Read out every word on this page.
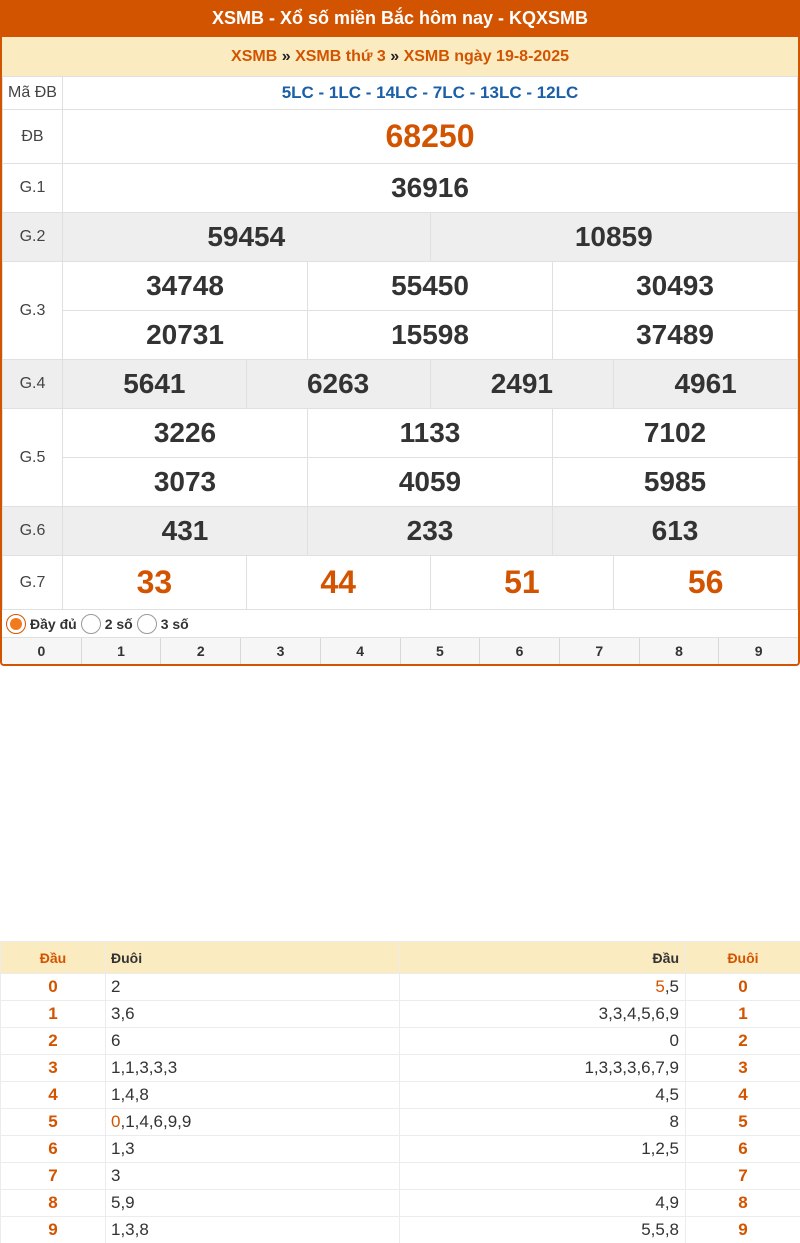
XSMB - Xổ số miền Bắc hôm nay - KQXSMB
XSMB » XSMB thứ 3 » XSMB ngày 19-8-2025
Mã ĐB	5LC - 1LC - 14LC - 7LC - 13LC - 12LC					
ĐB	68250					
G.1	36916					
G.2	59454			10859		
G.3	34748		55450		30493	
	20731		15598		37489	
G.4	5641	6263		2491		4961
G.5	3226		1133		7102	
	3073		4059		5985	
G.6	431		233		613	
G.7	33	44		51		56
Đầy đủ 2 số 3 số
0	1	2	3	4	5	6	7	8	9
Đầu	Đuôi	Đầu	Đuôi
0	2	5,5	0
1	3,6	3,3,4,5,6,9	1
2	6	0	2
3	1,1,3,3,3	1,3,3,3,6,7,9	3
4	1,4,8	4,5	4
5	0,1,4,6,9,9	8	5
6	1,3	1,2,5	6
7	3		7
8	5,9	4,9	8
9	1,3,8	5,5,8	9
